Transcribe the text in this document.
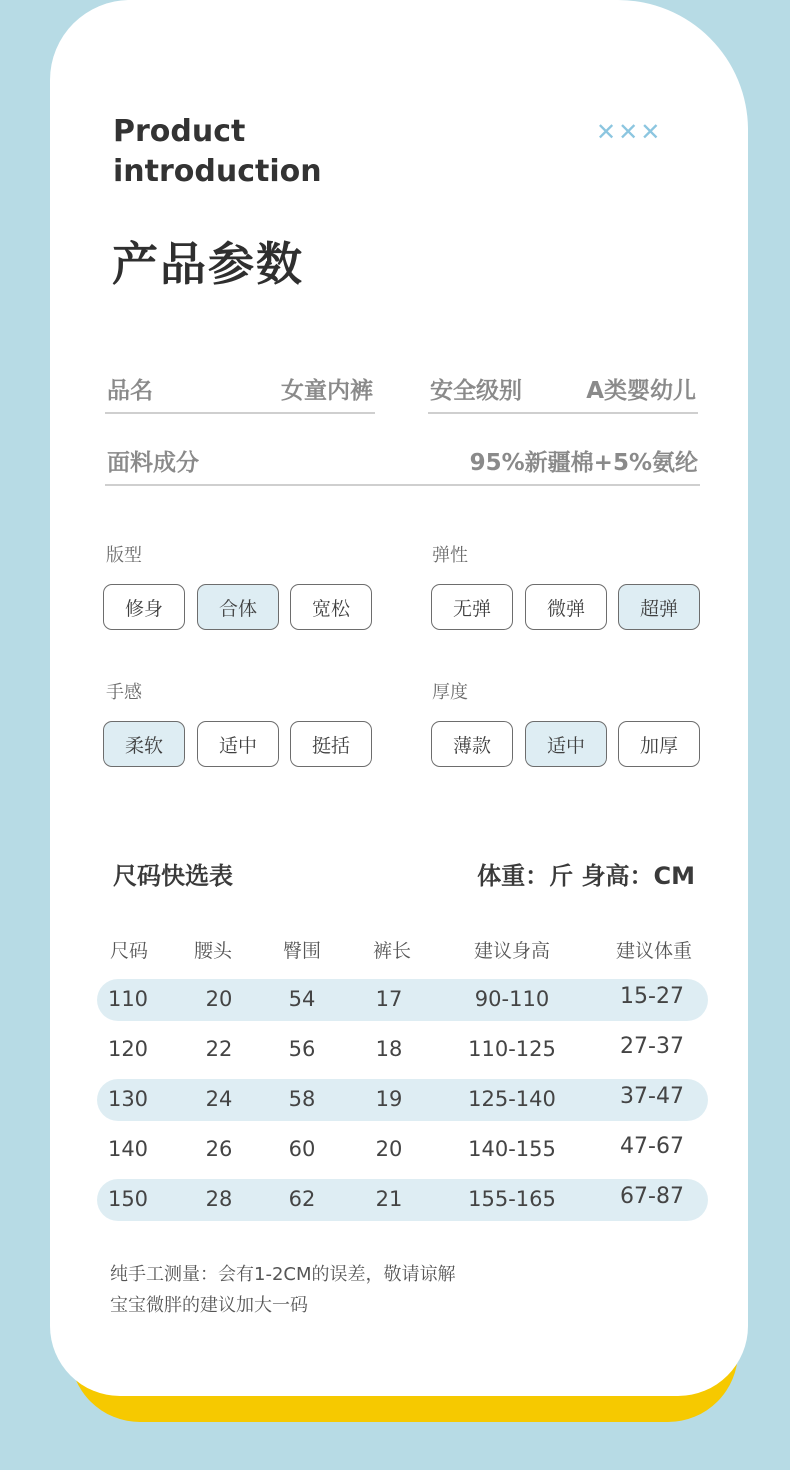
Product
introduction
✕✕✕
产品参数
品名	女童内裤 安全级别	A类婴幼儿
面料成分	95%新疆棉+5%氨纶
版型
修身	合体	宽松
弹性
无弹	微弹	超弹
手感
柔软	适中	挺括
厚度
薄款	适中	加厚
尺码快选表	体重：斤 身高：CM
尺码 腰头	臀围	裤长	建议身高	建议体重
110	20	54	17	90-110	15-27
120	22	56	18	110-125	27-37
130	24	58	19	125-140	37-47
140	26	60	20	140-155	47-67
150	28	62	21	155-165	67-87
纯手工测量：会有1-2CM的误差，敬请谅解
宝宝微胖的建议加大一码
